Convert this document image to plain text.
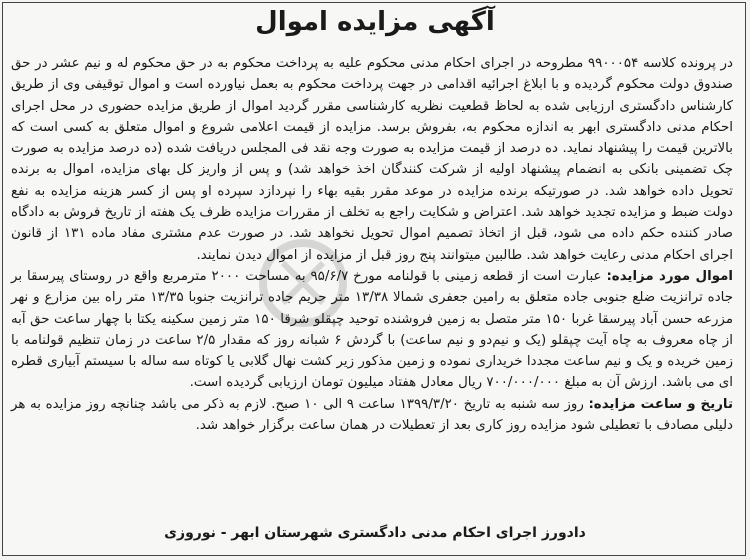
آگهی مزایده اموال

در پرونده کلاسه ۹۹۰۰۰۵۴ مطروحه در اجرای احکام مدنی محکوم علیه به پرداخت محکوم به در حق محکوم له و نیم عشر در حق صندوق دولت محکوم گردیده و با ابلاغ اجرائیه اقدامی در جهت پرداخت محکوم به بعمل نیاورده است و اموال توقیفی وی از طریق کارشناس دادگستری ارزیابی شده به لحاظ قطعیت نظریه کارشناسی مقرر گردید اموال از طریق مزایده حضوری در محل اجرای احکام مدنی دادگستری ابهر به اندازه محکوم به، بفروش برسد. مزایده از قیمت اعلامی شروع و اموال متعلق به کسی است که بالاترین قیمت را پیشنهاد نماید. ده درصد از قیمت مزایده به صورت وجه نقد فی المجلس دریافت شده (ده درصد مزایده به صورت چک تضمینی بانکی به انضمام پیشنهاد اولیه از شرکت کنندگان اخذ خواهد شد) و پس از واریز کل بهای مزایده، اموال به برنده تحویل داده خواهد شد. در صورتیکه برنده مزایده در موعد مقرر بقیه بهاء را نپردازد سپرده او پس از کسر هزینه مزایده به نفع دولت ضبط و مزایده تجدید خواهد شد. اعتراض و شکایت راجع به تخلف از مقررات مزایده ظرف یک هفته از تاریخ فروش به دادگاه صادر کننده حکم داده می شود، قبل از اتخاذ تصمیم اموال تحویل نخواهد شد. در صورت عدم مشتری مفاد ماده ۱۳۱ از قانون اجرای احکام مدنی رعایت خواهد شد. طالبین میتوانند پنج روز قبل از مزایده از اموال دیدن نمایند.

اموال مورد مزایده: عبارت است از قطعه زمینی با قولنامه مورخ ۹۵/۶/۷ به مساحت ۲۰۰۰ مترمربع واقع در روستای پیرسقا بر جاده ترانزیت ضلع جنوبی جاده متعلق به رامین جعفری شمالا ۱۳/۳۸ متر حریم جاده ترانزیت جنوبا ۱۳/۳۵ متر راه بین مزارع و نهر مزرعه حسن آباد پیرسقا غربا ۱۵۰ متر متصل به زمین فروشنده توحید چپقلو شرقا ۱۵۰ متر زمین سکینه یکتا با چهار ساعت حق آبه از چاه معروف به چاه آیت چپقلو (یک و نیم‌دو و نیم ساعت) با گردش ۶ شبانه روز که مقدار ۲/۵ ساعت در زمان تنظیم قولنامه با زمین خریده و یک و نیم ساعت مجددا خریداری نموده و زمین مذکور زیر کشت نهال گلابی یا کوتاه سه ساله با سیستم آبیاری قطره ای می باشد. ارزش آن به مبلغ ۷۰۰/۰۰۰/۰۰۰ ریال معادل هفتاد میلیون تومان ارزیابی گردیده است.

تاریخ و ساعت مزایده: روز سه شنبه به تاریخ ۱۳۹۹/۳/۲۰ ساعت ۹ الی ۱۰ صبح. لازم به ذکر می باشد چنانچه روز مزایده به هر دلیلی مصادف با تعطیلی شود مزایده روز کاری بعد از تعطیلات در همان ساعت برگزار خواهد شد.

دادورز اجرای احکام مدنی دادگستری شهرستان ابهر - نوروزی
